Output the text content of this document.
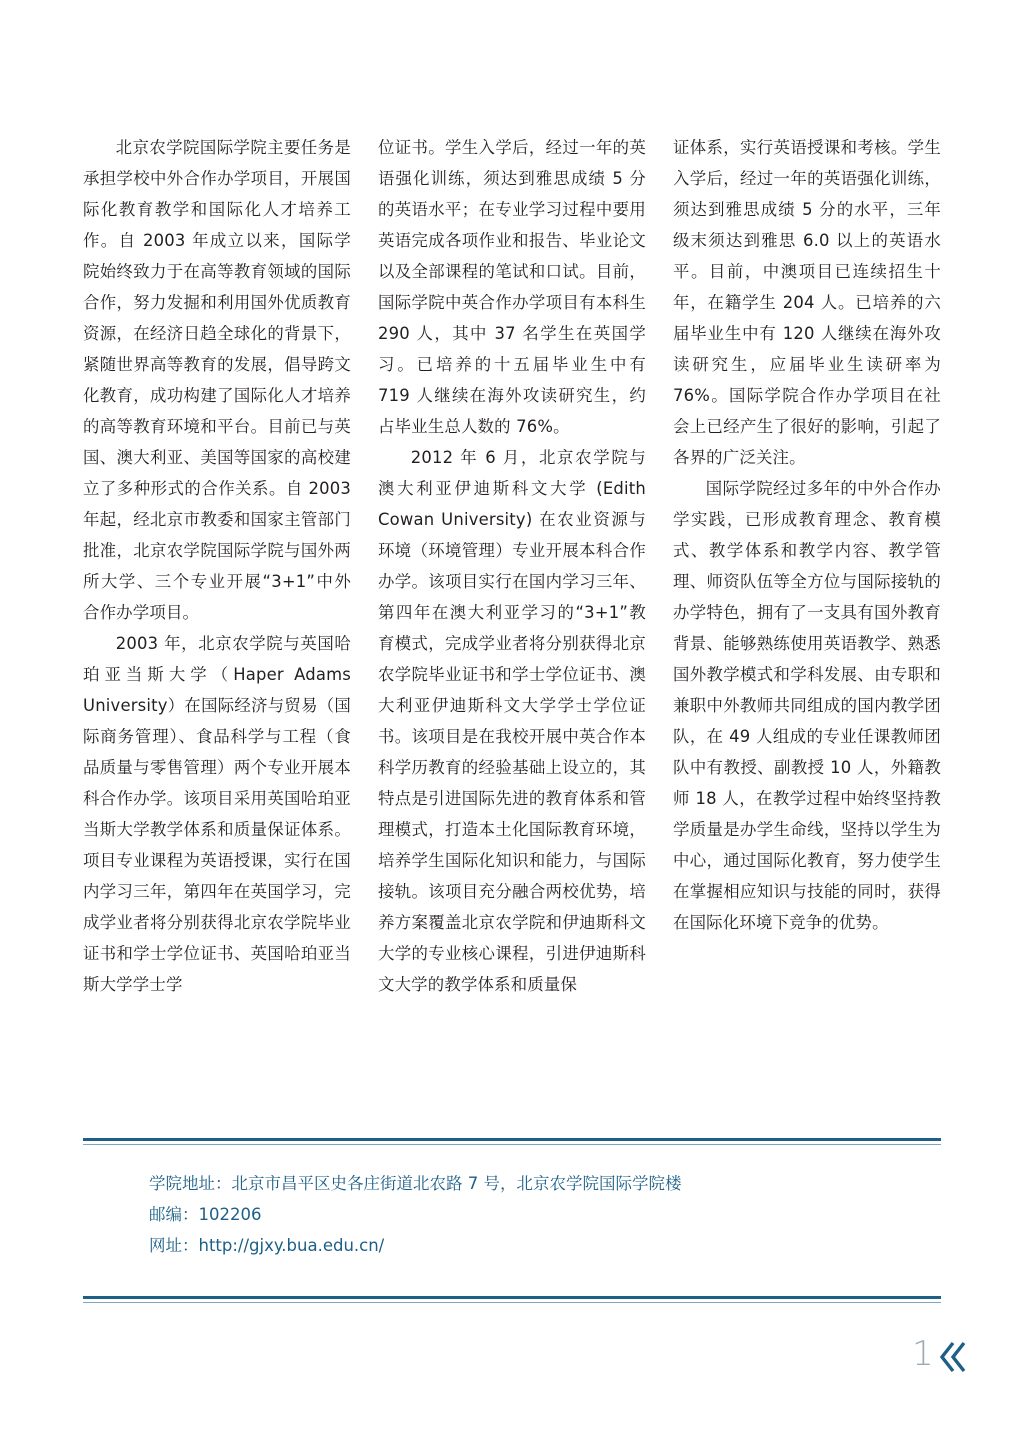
北京农学院国际学院主要任务是承担学校中外合作办学项目，开展国际化教育教学和国际化人才培养工作。自 2003 年成立以来，国际学院始终致力于在高等教育领域的国际合作，努力发掘和利用国外优质教育资源，在经济日趋全球化的背景下，紧随世界高等教育的发展，倡导跨文化教育，成功构建了国际化人才培养的高等教育环境和平台。目前已与英国、澳大利亚、美国等国家的高校建立了多种形式的合作关系。自 2003 年起，经北京市教委和国家主管部门批准，北京农学院国际学院与国外两所大学、三个专业开展“3+1”中外合作办学项目。

2003 年，北京农学院与英国哈珀亚当斯大学（Haper Adams University）在国际经济与贸易（国际商务管理）、食品科学与工程（食品质量与零售管理）两个专业开展本科合作办学。该项目采用英国哈珀亚当斯大学教学体系和质量保证体系。项目专业课程为英语授课，实行在国内学习三年，第四年在英国学习，完成学业者将分别获得北京农学院毕业证书和学士学位证书、英国哈珀亚当斯大学学士学

位证书。学生入学后，经过一年的英语强化训练，须达到雅思成绩 5 分的英语水平；在专业学习过程中要用英语完成各项作业和报告、毕业论文以及全部课程的笔试和口试。目前，国际学院中英合作办学项目有本科生 290 人，其中 37 名学生在英国学习。已培养的十五届毕业生中有 719 人继续在海外攻读研究生，约占毕业生总人数的 76%。

2012 年 6 月，北京农学院与澳大利亚伊迪斯科文大学 (Edith Cowan University) 在农业资源与环境（环境管理）专业开展本科合作办学。该项目实行在国内学习三年、第四年在澳大利亚学习的“3+1”教育模式，完成学业者将分别获得北京农学院毕业证书和学士学位证书、澳大利亚伊迪斯科文大学学士学位证书。该项目是在我校开展中英合作本科学历教育的经验基础上设立的，其特点是引进国际先进的教育体系和管理模式，打造本土化国际教育环境，培养学生国际化知识和能力，与国际接轨。该项目充分融合两校优势，培养方案覆盖北京农学院和伊迪斯科文大学的专业核心课程，引进伊迪斯科文大学的教学体系和质量保

证体系，实行英语授课和考核。学生入学后，经过一年的英语强化训练，须达到雅思成绩 5 分的水平，三年级末须达到雅思 6.0 以上的英语水平。目前，中澳项目已连续招生十年，在籍学生 204 人。已培养的六届毕业生中有 120 人继续在海外攻读研究生，应届毕业生读研率为 76%。国际学院合作办学项目在社会上已经产生了很好的影响，引起了各界的广泛关注。

国际学院经过多年的中外合作办学实践，已形成教育理念、教育模式、教学体系和教学内容、教学管理、师资队伍等全方位与国际接轨的办学特色，拥有了一支具有国外教育背景、能够熟练使用英语教学、熟悉国外教学模式和学科发展、由专职和兼职中外教师共同组成的国内教学团队，在 49 人组成的专业任课教师团队中有教授、副教授 10 人，外籍教师 18 人，在教学过程中始终坚持教学质量是办学生命线，坚持以学生为中心，通过国际化教育，努力使学生在掌握相应知识与技能的同时，获得在国际化环境下竞争的优势。

学院地址：北京市昌平区史各庄街道北农路 7 号，北京农学院国际学院楼
邮编：102206
网址：http://gjxy.bua.edu.cn/
1
